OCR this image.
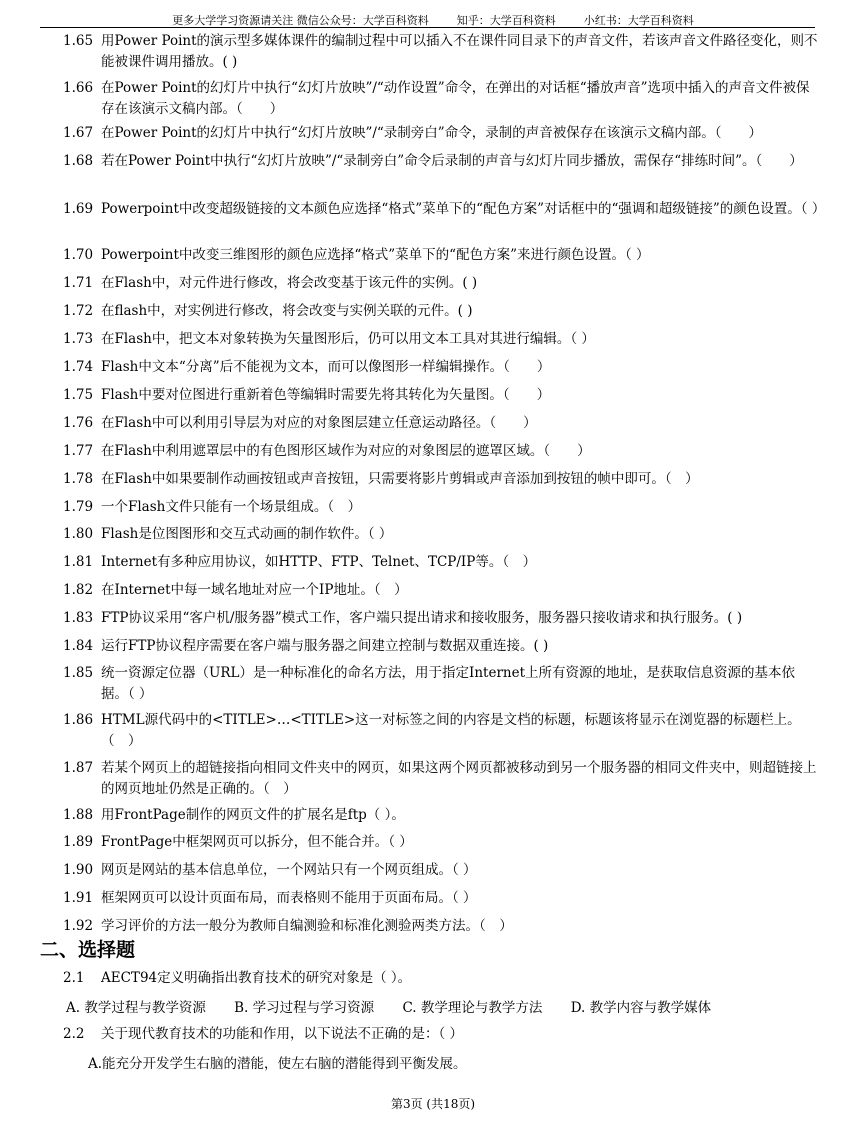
更多大学学习资源请关注 微信公众号：大学百科资料        知乎：大学百科资料        小红书：大学百科资料
1.65 用Power Point的演示型多媒体课件的编制过程中可以插入不在课件同目录下的声音文件，若该声音文件路径变化，则不能被课件调用播放。( )
1.66 在Power Point的幻灯片中执行“幻灯片放映”/“动作设置”命令，在弹出的对话框“播放声音”选项中插入的声音文件被保存在该演示文稿内部。（　　）
1.67 在Power Point的幻灯片中执行“幻灯片放映”/“录制旁白”命令，录制的声音被保存在该演示文稿内部。（　　）
1.68 若在Power Point中执行“幻灯片放映”/“录制旁白”命令后录制的声音与幻灯片同步播放，需保存“排练时间”。（　　）
1.69 Powerpoint中改变超级链接的文本颜色应选择“格式”菜单下的“配色方案”对话框中的“强调和超级链接”的颜色设置。（ ）
1.70 Powerpoint中改变三维图形的颜色应选择“格式”菜单下的“配色方案”来进行颜色设置。（ ）
1.71 在Flash中，对元件进行修改，将会改变基于该元件的实例。( )
1.72 在flash中，对实例进行修改，将会改变与实例关联的元件。( )
1.73 在Flash中，把文本对象转换为矢量图形后，仍可以用文本工具对其进行编辑。（ ）
1.74 Flash中文本“分离”后不能视为文本，而可以像图形一样编辑操作。（　　）
1.75 Flash中要对位图进行重新着色等编辑时需要先将其转化为矢量图。（　　）
1.76 在Flash中可以利用引导层为对应的对象图层建立任意运动路径。（　　）
1.77 在Flash中利用遮罩层中的有色图形区域作为对应的对象图层的遮罩区域。（　　）
1.78 在Flash中如果要制作动画按钮或声音按钮，只需要将影片剪辑或声音添加到按钮的帧中即可。（　）
1.79 一个Flash文件只能有一个场景组成。（　）
1.80 Flash是位图图形和交互式动画的制作软件。（ ）
1.81 Internet有多种应用协议，如HTTP、FTP、Telnet、TCP/IP等。（　）
1.82 在Internet中每一域名地址对应一个IP地址。（　）
1.83 FTP协议采用“客户机/服务器”模式工作，客户端只提出请求和接收服务，服务器只接收请求和执行服务。( )
1.84 运行FTP协议程序需要在客户端与服务器之间建立控制与数据双重连接。( )
1.85 统一资源定位器（URL）是一种标准化的命名方法，用于指定Internet上所有资源的地址，是获取信息资源的基本依据。（ ）
1.86 HTML源代码中的<TITLE>…<TITLE>这一对标签之间的内容是文档的标题，标题该将显示在浏览器的标题栏上。（　）
1.87 若某个网页上的超链接指向相同文件夹中的网页，如果这两个网页都被移动到另一个服务器的相同文件夹中，则超链接上的网页地址仍然是正确的。（　）
1.88 用FrontPage制作的网页文件的扩展名是ftp（ ）。
1.89 FrontPage中框架网页可以拆分，但不能合并。（ ）
1.90 网页是网站的基本信息单位，一个网站只有一个网页组成。（ ）
1.91 框架网页可以设计页面布局，而表格则不能用于页面布局。（ ）
1.92 学习评价的方法一般分为教师自编测验和标准化测验两类方法。（　）
二、选择题
2.1	AECT94定义明确指出教育技术的研究对象是（ ）。
A. 教学过程与教学资源 B. 学习过程与学习资源 C. 教学理论与教学方法 D. 教学内容与教学媒体
2.2	关于现代教育技术的功能和作用，以下说法不正确的是：（ ）
A.能充分开发学生右脑的潜能，使左右脑的潜能得到平衡发展。
第3页 (共18页)
